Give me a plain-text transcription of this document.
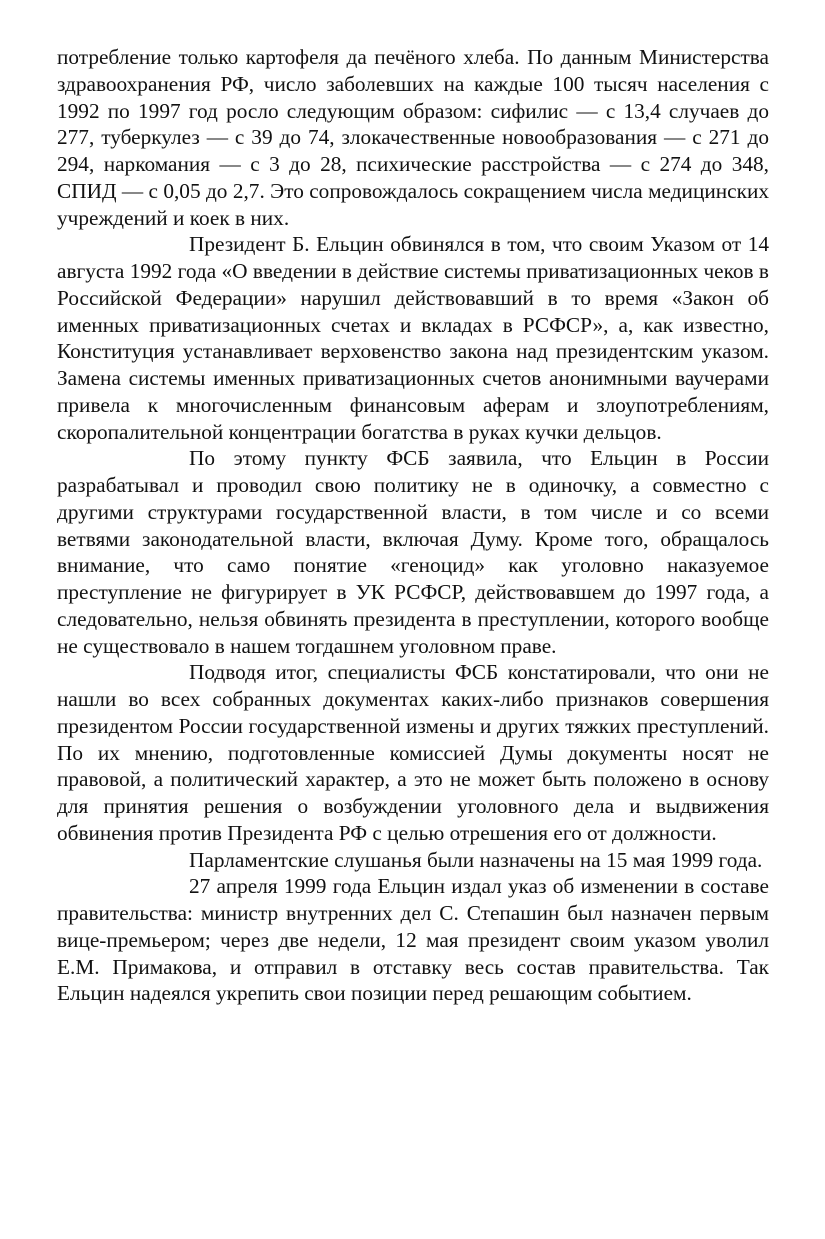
потребление только картофеля да печёного хлеба. По данным Министерства здравоохранения РФ, число заболевших на каждые 100 тысяч населения с 1992 по 1997 год росло следующим образом: сифилис — с 13,4 случаев до 277, туберкулез — с 39 до 74, злокачественные новообразования — с 271 до 294, наркомания — с 3 до 28, психические расстройства — с 274 до 348, СПИД — с 0,05 до 2,7. Это сопровождалось сокращением числа медицинских учреждений и коек в них.

Президент Б. Ельцин обвинялся в том, что своим Указом от 14 августа 1992 года «О введении в действие системы приватизационных чеков в Российской Федерации» нарушил действовавший в то время «Закон об именных приватизационных счетах и вкладах в РСФСР», а, как известно, Конституция устанавливает верховенство закона над президентским указом. Замена системы именных приватизационных счетов анонимными ваучерами привела к многочисленным финансовым аферам и злоупотреблениям, скоропалительной концентрации богатства в руках кучки дельцов.

По этому пункту ФСБ заявила, что Ельцин в России разрабатывал и проводил свою политику не в одиночку, а совместно с другими структурами государственной власти, в том числе и со всеми ветвями законодательной власти, включая Думу. Кроме того, обращалось внимание, что само понятие «геноцид» как уголовно наказуемое преступление не фигурирует в УК РСФСР, действовавшем до 1997 года, а следовательно, нельзя обвинять президента в преступлении, которого вообще не существовало в нашем тогдашнем уголовном праве.

Подводя итог, специалисты ФСБ констатировали, что они не нашли во всех собранных документах каких-либо признаков совершения президентом России государственной измены и других тяжких преступлений. По их мнению, подготовленные комиссией Думы документы носят не правовой, а политический характер, а это не может быть положено в основу для принятия решения о возбуждении уголовного дела и выдвижения обвинения против Президента РФ с целью отрешения его от должности.

Парламентские слушанья были назначены на 15 мая 1999 года.

27 апреля 1999 года Ельцин издал указ об изменении в составе правительства: министр внутренних дел С. Степашин был назначен первым вице-премьером; через две недели, 12 мая президент своим указом уволил Е.М. Примакова, и отправил в отставку весь состав правительства. Так Ельцин надеялся укрепить свои позиции перед решающим событием.
